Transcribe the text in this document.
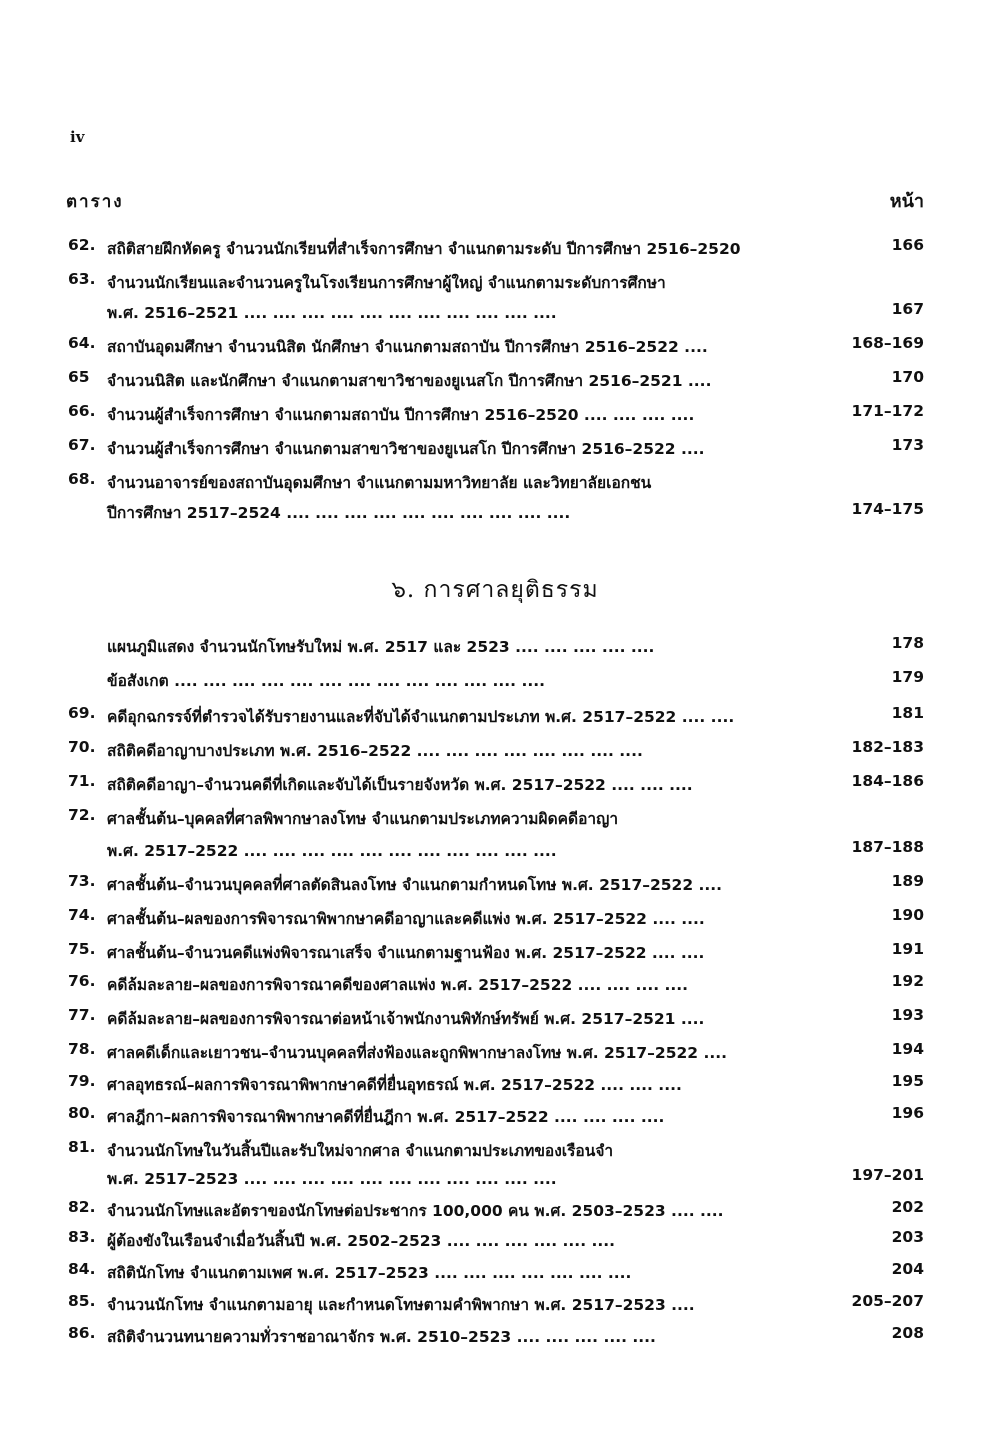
iv
ตาราง	หน้า
62. สถิติสายฝึกหัดครู จำนวนนักเรียนที่สำเร็จการศึกษา จำแนกตามระดับ ปีการศึกษา 2516–2520	166
63. จำนวนนักเรียนและจำนวนครูในโรงเรียนการศึกษาผู้ใหญ่ จำแนกตามระดับการศึกษา
พ.ศ. 2516–2521 .... .... .... .... .... .... .... .... .... .... ....	167
64. สถาบันอุดมศึกษา จำนวนนิสิต นักศึกษา จำแนกตามสถาบัน ปีการศึกษา 2516–2522 ....	168–169
65 จำนวนนิสิต และนักศึกษา จำแนกตามสาขาวิชาของยูเนสโก ปีการศึกษา 2516–2521 ....	170
66. จำนวนผู้สำเร็จการศึกษา จำแนกตามสถาบัน ปีการศึกษา 2516–2520 .... .... .... ....	171–172
67. จำนวนผู้สำเร็จการศึกษา จำแนกตามสาขาวิชาของยูเนสโก ปีการศึกษา 2516–2522 ....	173
68. จำนวนอาจารย์ของสถาบันอุดมศึกษา จำแนกตามมหาวิทยาลัย และวิทยาลัยเอกชน
ปีการศึกษา 2517–2524 .... .... .... .... .... .... .... .... .... ....	174–175
๖. การศาลยุติธรรม
แผนภูมิแสดง จำนวนนักโทษรับใหม่ พ.ศ. 2517 และ 2523 .... .... .... .... ....	178
ข้อสังเกต .... .... .... .... .... .... .... .... .... .... .... .... ....	179
69. คดีอุกฉกรรจ์ที่ตำรวจได้รับรายงานและที่จับได้จำแนกตามประเภท พ.ศ. 2517–2522 .... ....	181
70. สถิติคดีอาญาบางประเภท พ.ศ. 2516–2522 .... .... .... .... .... .... .... ....	182–183
71. สถิติคดีอาญา–จำนวนคดีที่เกิดและจับได้เป็นรายจังหวัด พ.ศ. 2517–2522 .... .... ....	184–186
72. ศาลชั้นต้น–บุคคลที่ศาลพิพากษาลงโทษ จำแนกตามประเภทความผิดคดีอาญา
พ.ศ. 2517–2522 .... .... .... .... .... .... .... .... .... .... ....	187–188
73. ศาลชั้นต้น–จำนวนบุคคลที่ศาลตัดสินลงโทษ จำแนกตามกำหนดโทษ พ.ศ. 2517–2522 ....	189
74. ศาลชั้นต้น–ผลของการพิจารณาพิพากษาคดีอาญาและคดีแพ่ง พ.ศ. 2517–2522 .... ....	190
75. ศาลชั้นต้น–จำนวนคดีแพ่งพิจารณาเสร็จ จำแนกตามฐานฟ้อง พ.ศ. 2517–2522 .... ....	191
76. คดีล้มละลาย–ผลของการพิจารณาคดีของศาลแพ่ง พ.ศ. 2517–2522 .... .... .... ....	192
77. คดีล้มละลาย–ผลของการพิจารณาต่อหน้าเจ้าพนักงานพิทักษ์ทรัพย์ พ.ศ. 2517–2521 ....	193
78. ศาลคดีเด็กและเยาวชน–จำนวนบุคคลที่ส่งฟ้องและถูกพิพากษาลงโทษ พ.ศ. 2517–2522 ....	194
79. ศาลอุทธรณ์–ผลการพิจารณาพิพากษาคดีที่ยื่นอุทธรณ์ พ.ศ. 2517–2522 .... .... ....	195
80. ศาลฎีกา–ผลการพิจารณาพิพากษาคดีที่ยื่นฎีกา พ.ศ. 2517–2522 .... .... .... ....	196
81. จำนวนนักโทษในวันสิ้นปีและรับใหม่จากศาล จำแนกตามประเภทของเรือนจำ
พ.ศ. 2517–2523 .... .... .... .... .... .... .... .... .... .... ....	197–201
82. จำนวนนักโทษและอัตราของนักโทษต่อประชากร 100,000 คน พ.ศ. 2503–2523 .... ....	202
83. ผู้ต้องขังในเรือนจำเมื่อวันสิ้นปี พ.ศ. 2502–2523 .... .... .... .... .... ....	203
84. สถิตินักโทษ จำแนกตามเพศ พ.ศ. 2517–2523 .... .... .... .... .... .... ....	204
85. จำนวนนักโทษ จำแนกตามอายุ และกำหนดโทษตามคำพิพากษา พ.ศ. 2517–2523 ....	205–207
86. สถิติจำนวนทนายความทั่วราชอาณาจักร พ.ศ. 2510–2523 .... .... .... .... ....	208
